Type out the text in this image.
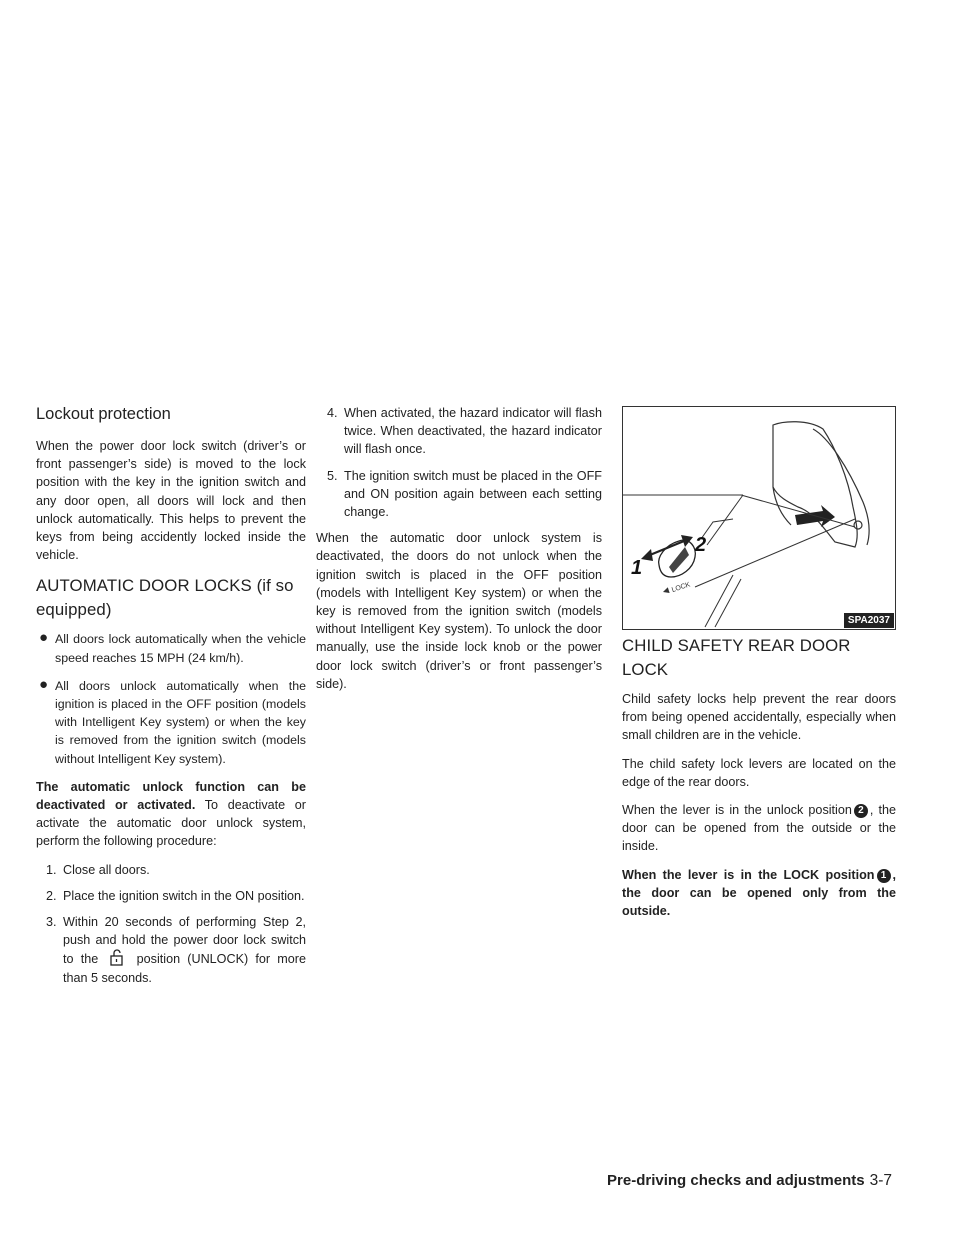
Lockout protection

When the power door lock switch (driver’s or front passenger’s side) is moved to the lock position with the key in the ignition switch and any door open, all doors will lock and then unlock automatically. This helps to prevent the keys from being accidently locked inside the vehicle.

AUTOMATIC DOOR LOCKS (if so equipped)
● All doors lock automatically when the vehicle speed reaches 15 MPH (24 km/h).
● All doors unlock automatically when the ignition is placed in the OFF position (models with Intelligent Key system) or when the key is removed from the ignition switch (models without Intelligent Key system).

The automatic unlock function can be deactivated or activated. To deactivate or activate the automatic door unlock system, perform the following procedure:

1. Close all doors.
2. Place the ignition switch in the ON position.
3. Within 20 seconds of performing Step 2, push and hold the power door lock switch to the  position (UNLOCK) for more than 5 seconds.
4. When activated, the hazard indicator will flash twice. When deactivated, the hazard indicator will flash once.
5. The ignition switch must be placed in the OFF and ON position again between each setting change.

When the automatic door unlock system is deactivated, the doors do not unlock when the ignition switch is placed in the OFF position (models with Intelligent Key system) or when the key is removed from the ignition switch (models without Intelligent Key system). To unlock the door manually, use the inside lock knob or the power door lock switch (driver’s or front passenger’s side).

1
2
LOCK
SPA2037
CHILD SAFETY REAR DOOR LOCK

Child safety locks help prevent the rear doors from being opened accidentally, especially when small children are in the vehicle.

The child safety lock levers are located on the edge of the rear doors.

When the lever is in the unlock position 2 , the door can be opened from the outside or the inside.

When the lever is in the LOCK position 1 , the door can be opened only from the outside.

Pre-driving checks and adjustments 3-7
